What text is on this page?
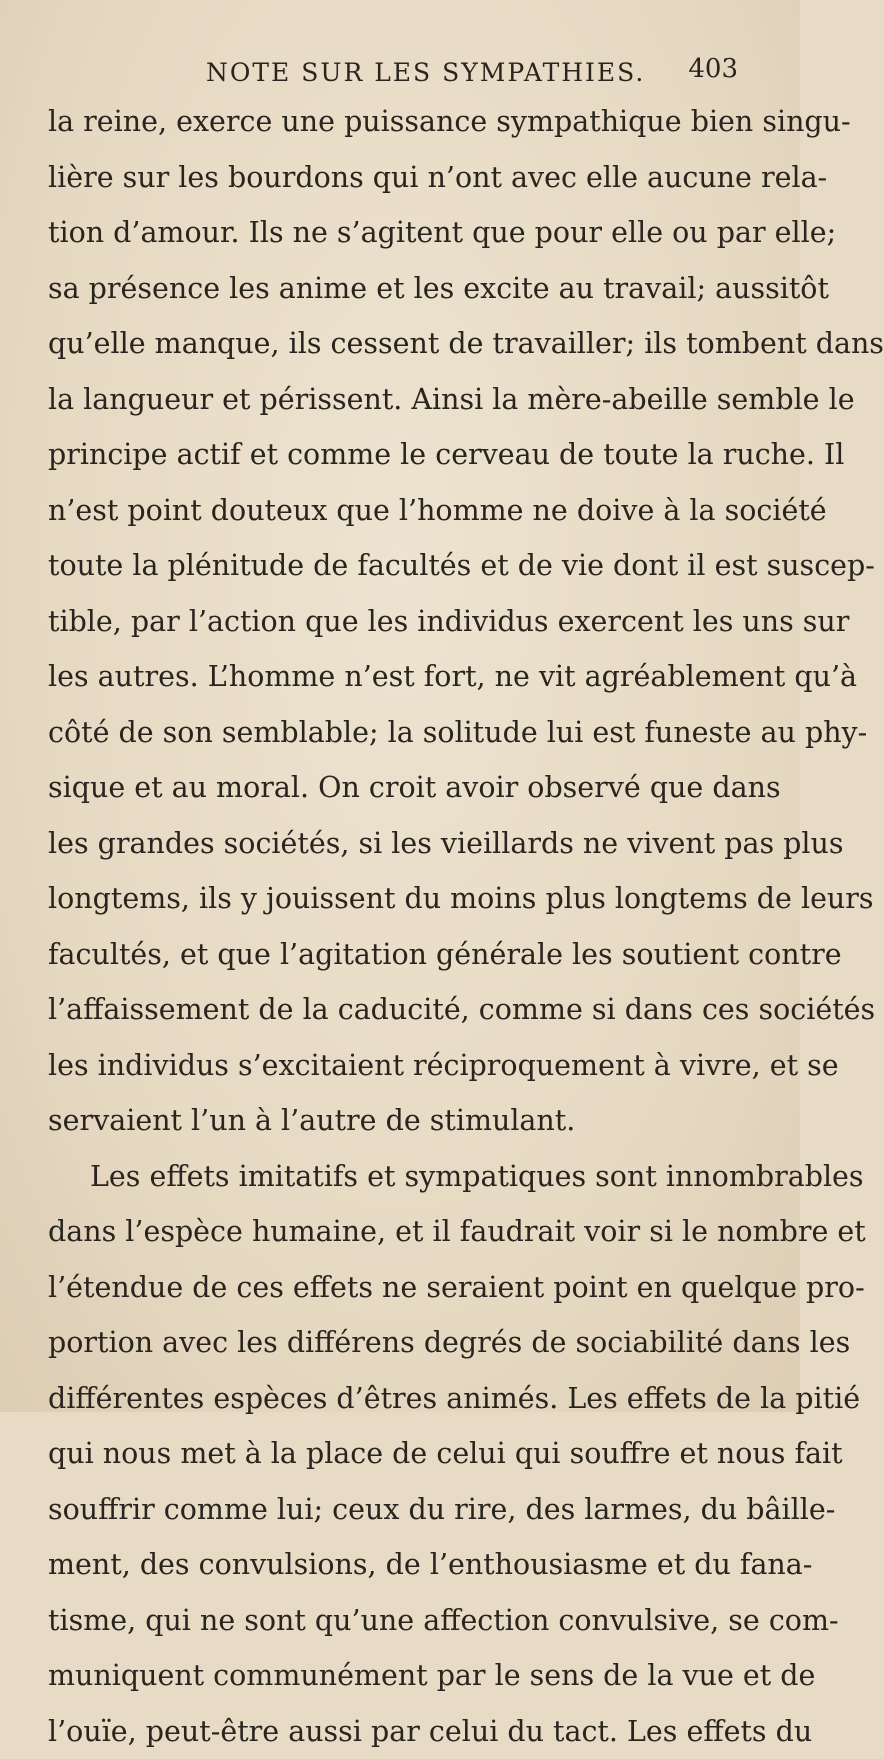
NOTE SUR LES SYMPATHIES. 403
la reine, exerce une puissance sympathique bien singu-
lière sur les bourdons qui n’ont avec elle aucune rela-
tion d’amour. Ils ne s’agitent que pour elle ou par elle;
sa présence les anime et les excite au travail; aussitôt
qu’elle manque, ils cessent de travailler; ils tombent dans
la langueur et périssent. Ainsi la mère-abeille semble le
principe actif et comme le cerveau de toute la ruche. Il
n’est point douteux que l’homme ne doive à la société
toute la plénitude de facultés et de vie dont il est suscep-
tible, par l’action que les individus exercent les uns sur
les autres. L’homme n’est fort, ne vit agréablement qu’à
côté de son semblable; la solitude lui est funeste au phy-
sique et au moral. On croit avoir observé que dans
les grandes sociétés, si les vieillards ne vivent pas plus
longtems, ils y jouissent du moins plus longtems de leurs
facultés, et que l’agitation générale les soutient contre
l’affaissement de la caducité, comme si dans ces sociétés
les individus s’excitaient réciproquement à vivre, et se
servaient l’un à l’autre de stimulant.
Les effets imitatifs et sympatiques sont innombrables
dans l’espèce humaine, et il faudrait voir si le nombre et
l’étendue de ces effets ne seraient point en quelque pro-
portion avec les différens degrés de sociabilité dans les
différentes espèces d’êtres animés. Les effets de la pitié
qui nous met à la place de celui qui souffre et nous fait
souffrir comme lui; ceux du rire, des larmes, du bâille-
ment, des convulsions, de l’enthousiasme et du fana-
tisme, qui ne sont qu’une affection convulsive, se com-
muniquent communément par le sens de la vue et de
l’ouïe, peut-être aussi par celui du tact. Les effets du
